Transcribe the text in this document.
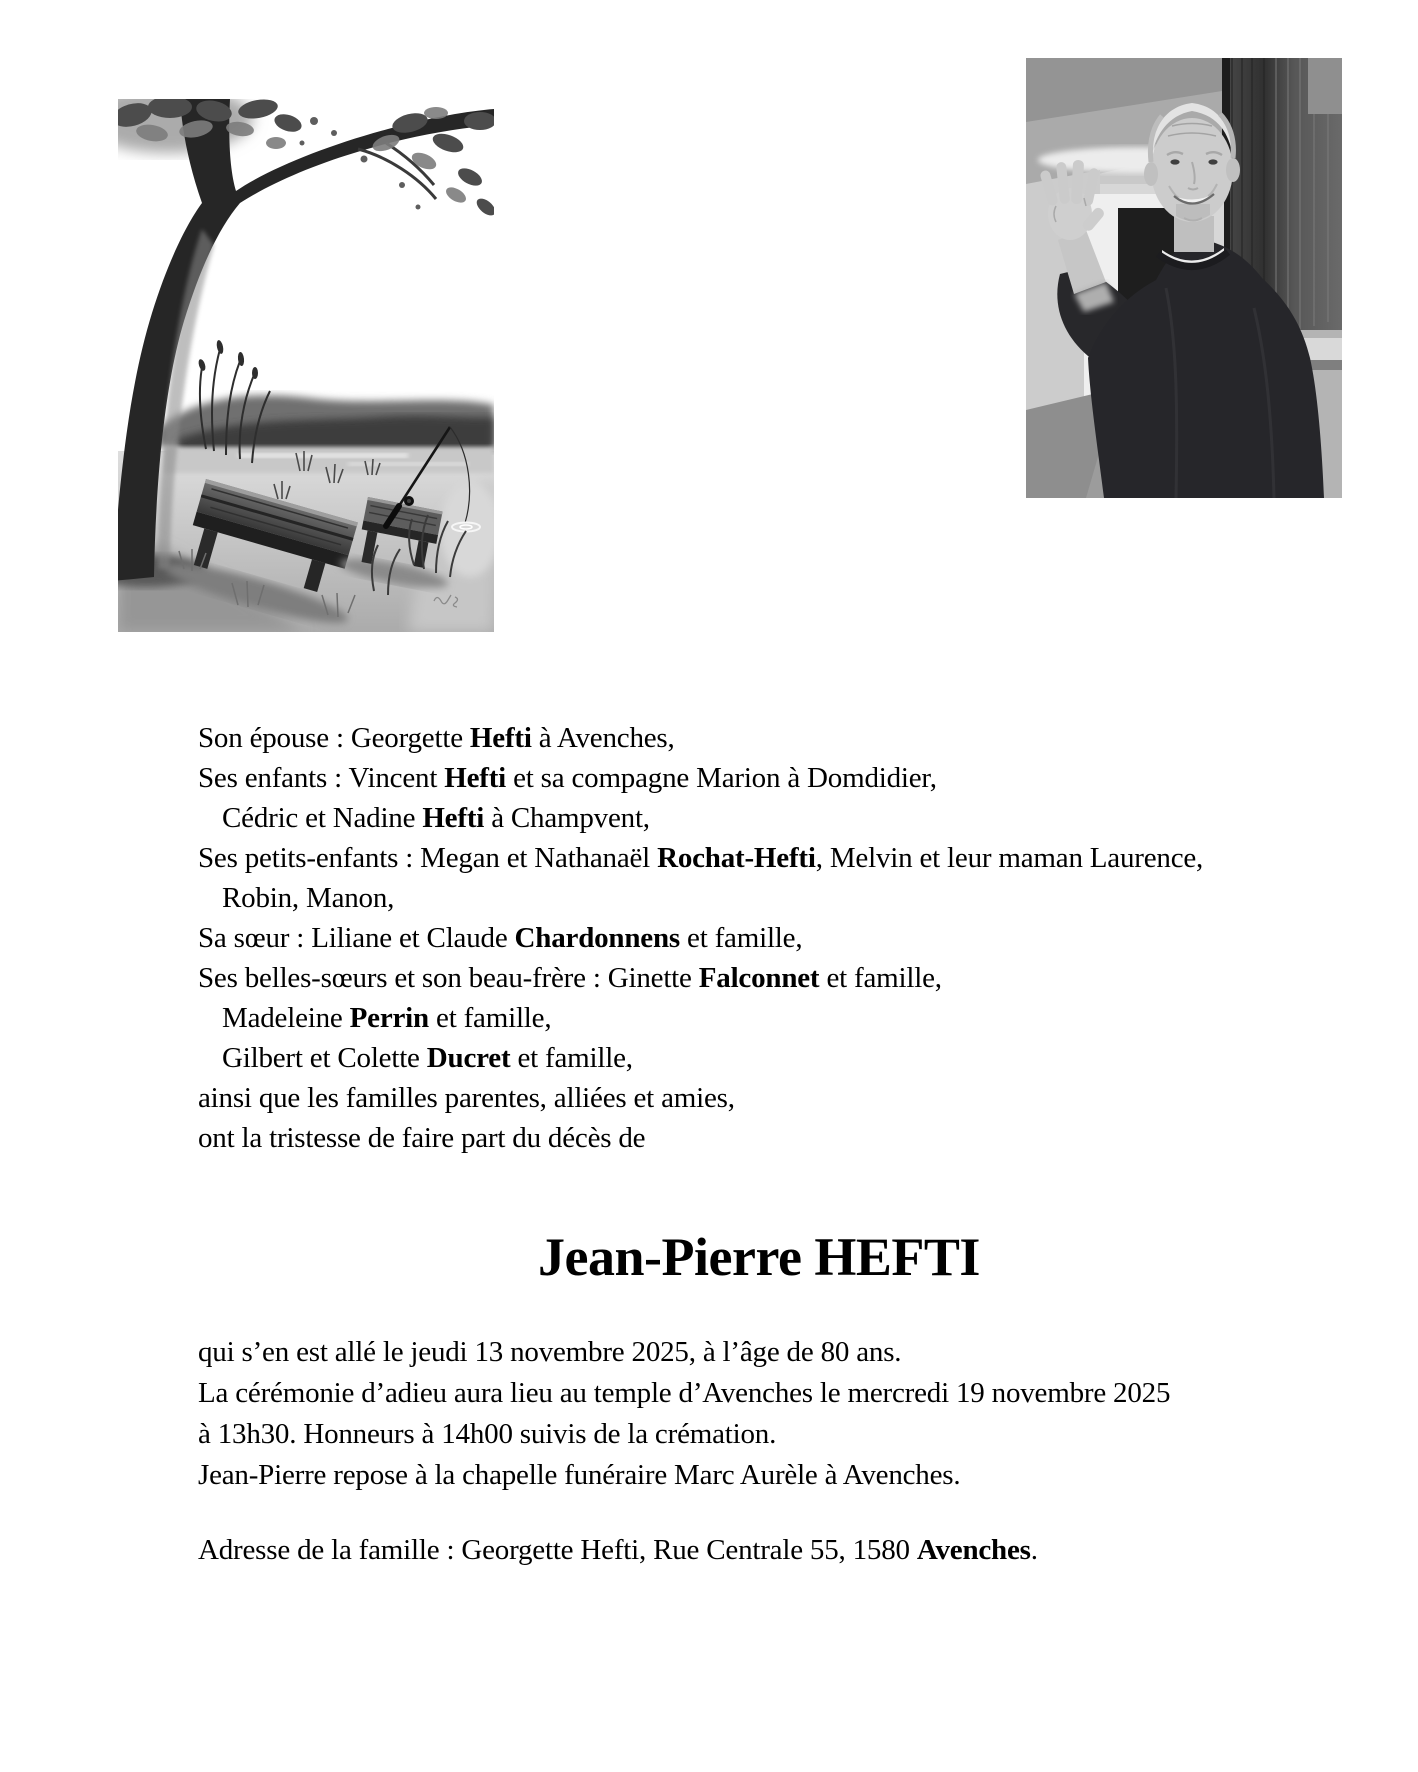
Son épouse : Georgette Hefti à Avenches,
Ses enfants : Vincent Hefti et sa compagne Marion à Domdidier,
Cédric et Nadine Hefti à Champvent,
Ses petits-enfants : Megan et Nathanaël Rochat-Hefti, Melvin et leur maman Laurence,
Robin, Manon,
Sa sœur : Liliane et Claude Chardonnens et famille,
Ses belles-sœurs et son beau-frère : Ginette Falconnet et famille,
Madeleine Perrin et famille,
Gilbert et Colette Ducret et famille,
ainsi que les familles parentes, alliées et amies,
ont la tristesse de faire part du décès de
Jean-Pierre HEFTI
qui s’en est allé le jeudi 13 novembre 2025, à l’âge de 80 ans.
La cérémonie d’adieu aura lieu au temple d’Avenches le mercredi 19 novembre 2025
à 13h30. Honneurs à 14h00 suivis de la crémation.
Jean-Pierre repose à la chapelle funéraire Marc Aurèle à Avenches.
Adresse de la famille : Georgette Hefti, Rue Centrale 55, 1580 Avenches.
